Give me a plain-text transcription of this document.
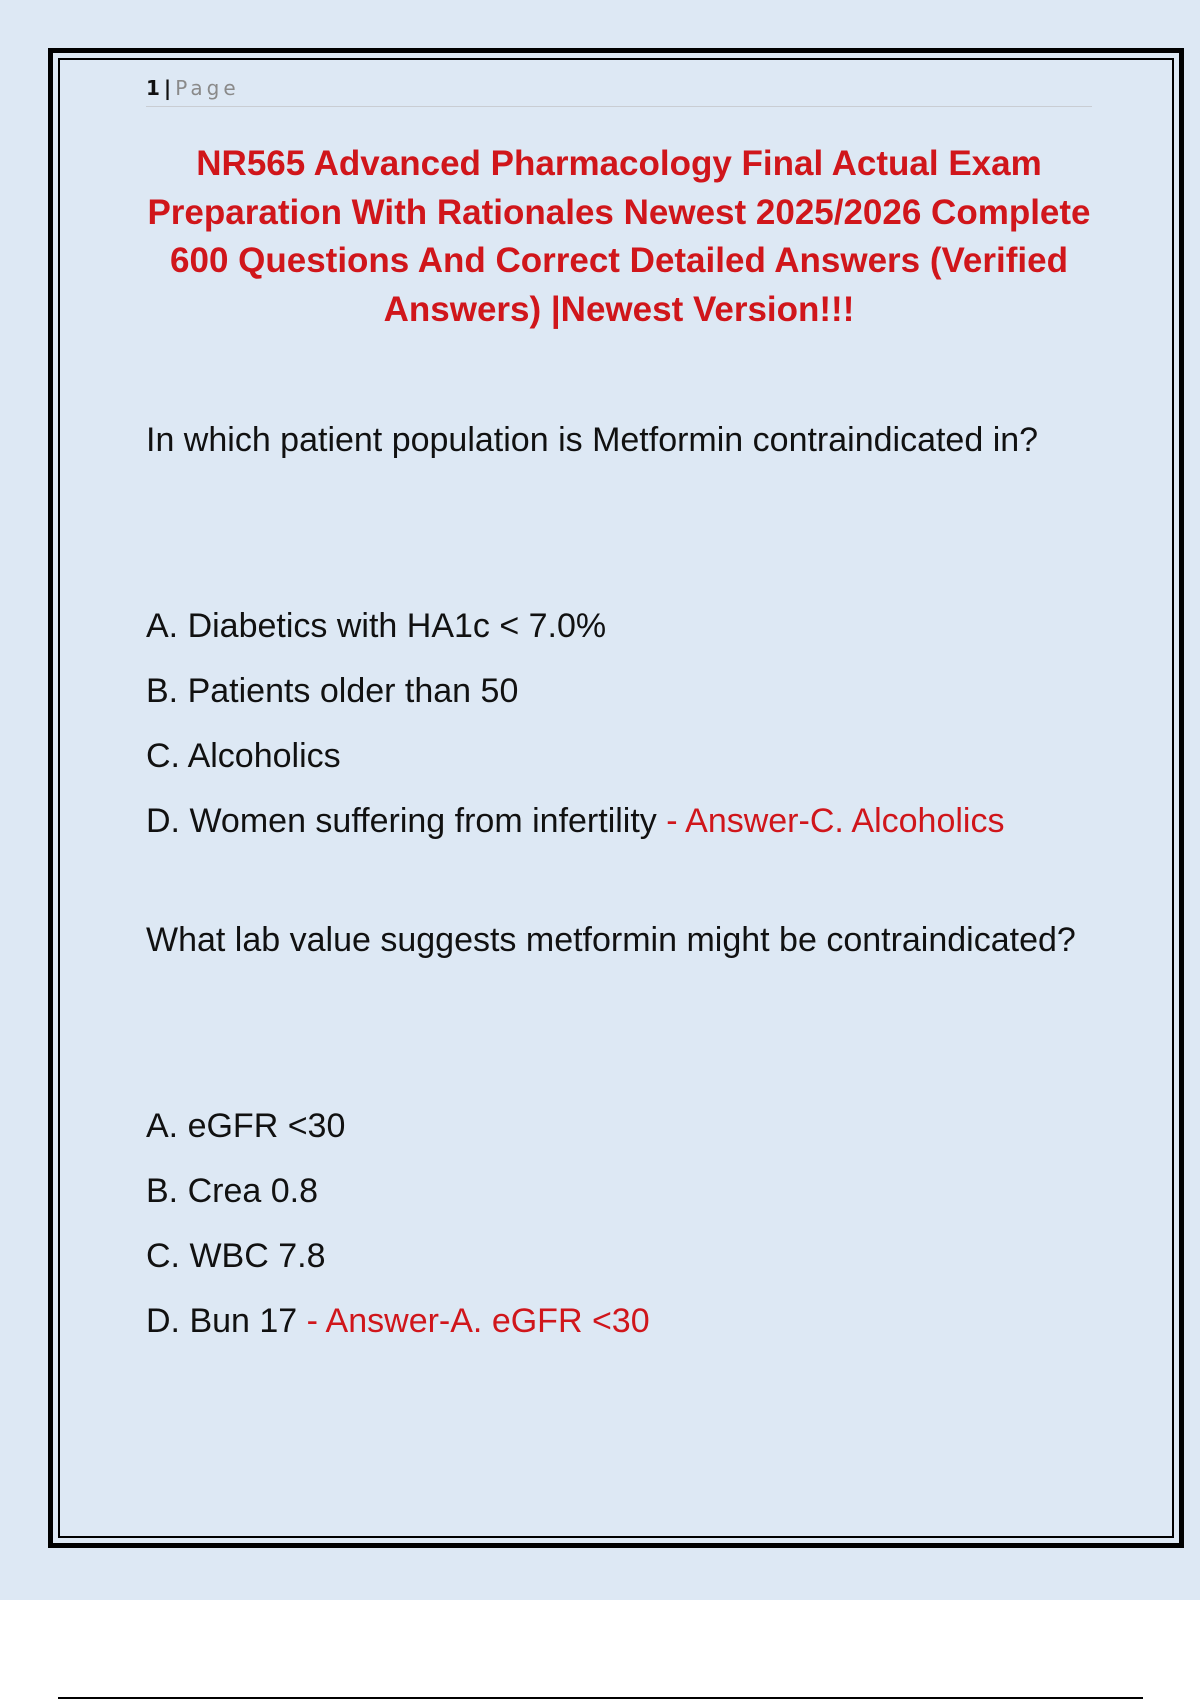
1 | Page
NR565 Advanced Pharmacology Final Actual Exam Preparation With Rationales Newest 2025/2026 Complete 600 Questions And Correct Detailed Answers (Verified Answers) |Newest Version!!!

In which patient population is Metformin contraindicated in?

A. Diabetics with HA1c < 7.0%
B. Patients older than 50
C. Alcoholics
D. Women suffering from infertility - Answer-C. Alcoholics

What lab value suggests metformin might be contraindicated?

A. eGFR <30
B. Crea 0.8
C. WBC 7.8
D. Bun 17 - Answer-A. eGFR <30
